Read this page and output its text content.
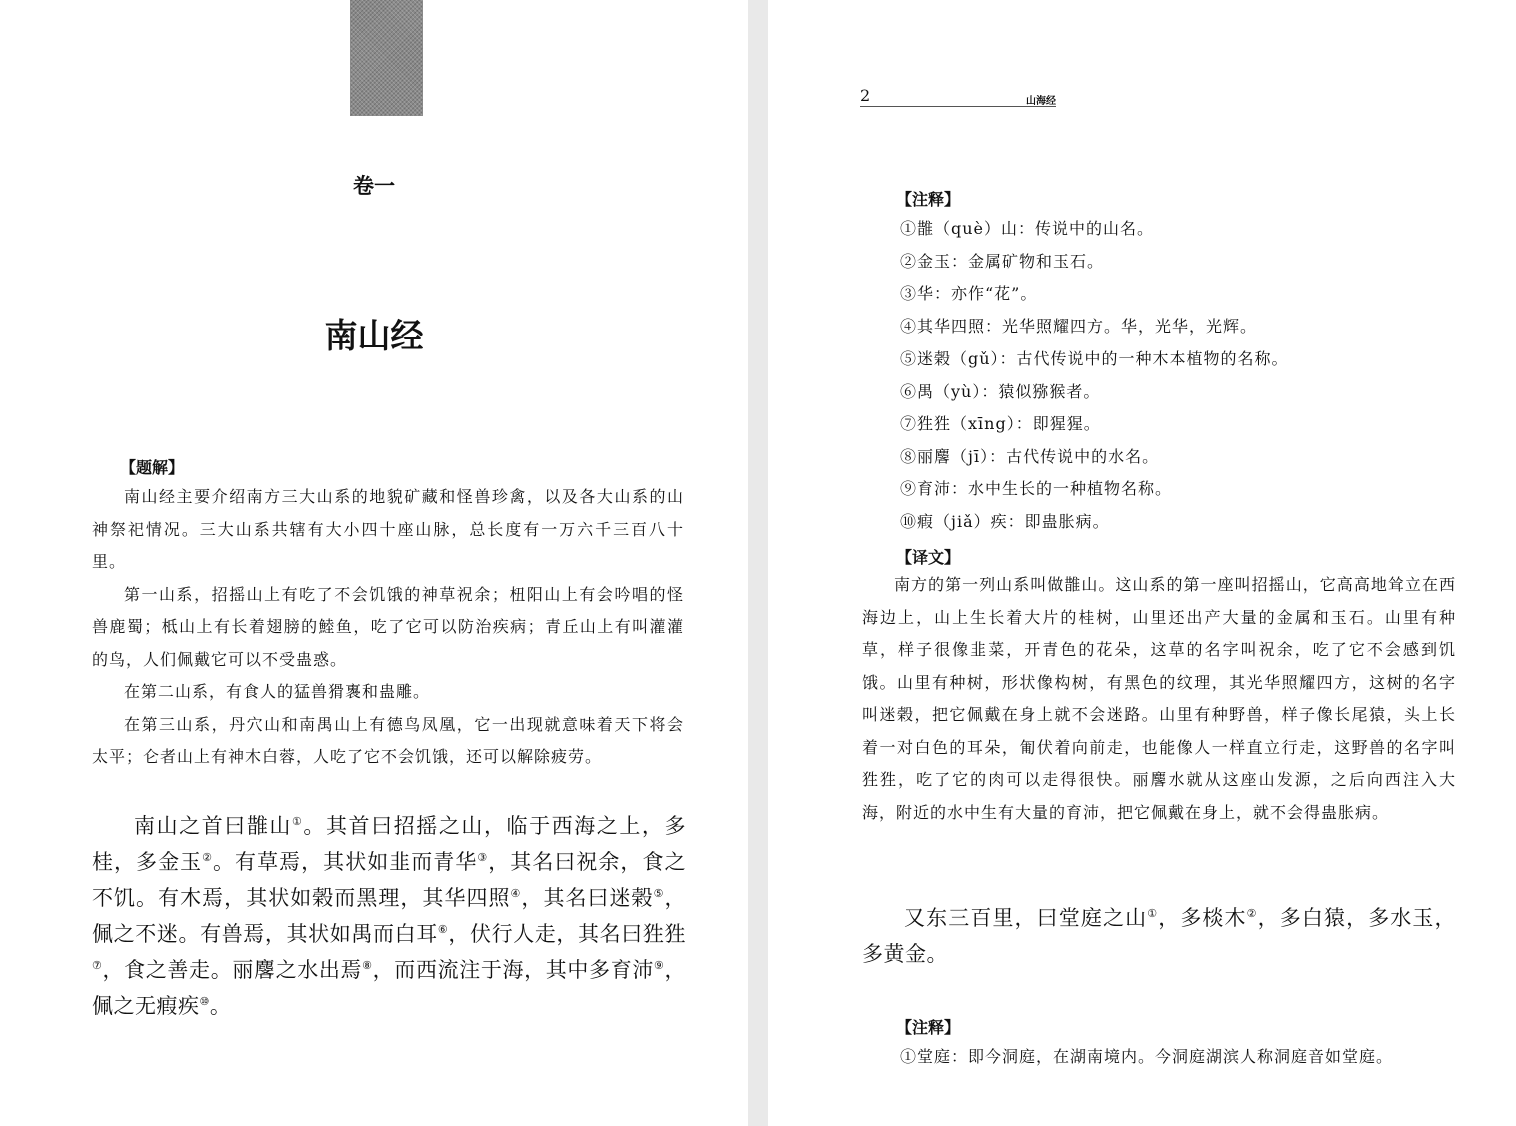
卷一
南山经
【题解】

南山经主要介绍南方三大山系的地貌矿藏和怪兽珍禽，以及各大山系的山神祭祀情况。三大山系共辖有大小四十座山脉，总长度有一万六千三百八十里。

第一山系，招摇山上有吃了不会饥饿的神草祝余；杻阳山上有会吟唱的怪兽鹿蜀；柢山上有长着翅膀的鯥鱼，吃了它可以防治疾病；青丘山上有叫灌灌的鸟，人们佩戴它可以不受蛊惑。

在第二山系，有食人的猛兽猾褢和蛊雕。

在第三山系，丹穴山和南禺山上有德鸟凤凰，它一出现就意味着天下将会太平；仑者山上有神木白蓉，人吃了它不会饥饿，还可以解除疲劳。

南山之首曰䧿山①。其首曰招摇之山，临于西海之上，多桂，多金玉②。有草焉，其状如韭而青华③，其名曰祝余，食之不饥。有木焉，其状如榖而黑理，其华四照④，其名曰迷榖⑤，佩之不迷。有兽焉，其状如禺而白耳⑥，伏行人走，其名曰狌狌⑦，食之善走。丽麐之水出焉⑧，而西流注于海，其中多育沛⑨，佩之无瘕疾⑩。

2	山海经
【注释】
①䧿（què）山：传说中的山名。
②金玉：金属矿物和玉石。
③华：亦作“花”。
④其华四照：光华照耀四方。华，光华，光辉。
⑤迷榖（gǔ）：古代传说中的一种木本植物的名称。
⑥禺（yù）：猿似猕猴者。
⑦狌狌（xīng）：即猩猩。
⑧丽麐（jī）：古代传说中的水名。
⑨育沛：水中生长的一种植物名称。
⑩瘕（jiǎ）疾：即蛊胀病。
【译文】

南方的第一列山系叫做䧿山。这山系的第一座叫招摇山，它高高地耸立在西海边上，山上生长着大片的桂树，山里还出产大量的金属和玉石。山里有种草，样子很像韭菜，开青色的花朵，这草的名字叫祝余，吃了它不会感到饥饿。山里有种树，形状像构树，有黑色的纹理，其光华照耀四方，这树的名字叫迷榖，把它佩戴在身上就不会迷路。山里有种野兽，样子像长尾猿，头上长着一对白色的耳朵，匍伏着向前走，也能像人一样直立行走，这野兽的名字叫狌狌，吃了它的肉可以走得很快。丽麐水就从这座山发源，之后向西注入大海，附近的水中生有大量的育沛，把它佩戴在身上，就不会得蛊胀病。

又东三百里，曰堂庭之山①，多棪木②，多白猿，多水玉，多黄金。

【注释】
①堂庭：即今洞庭，在湖南境内。今洞庭湖滨人称洞庭音如堂庭。
